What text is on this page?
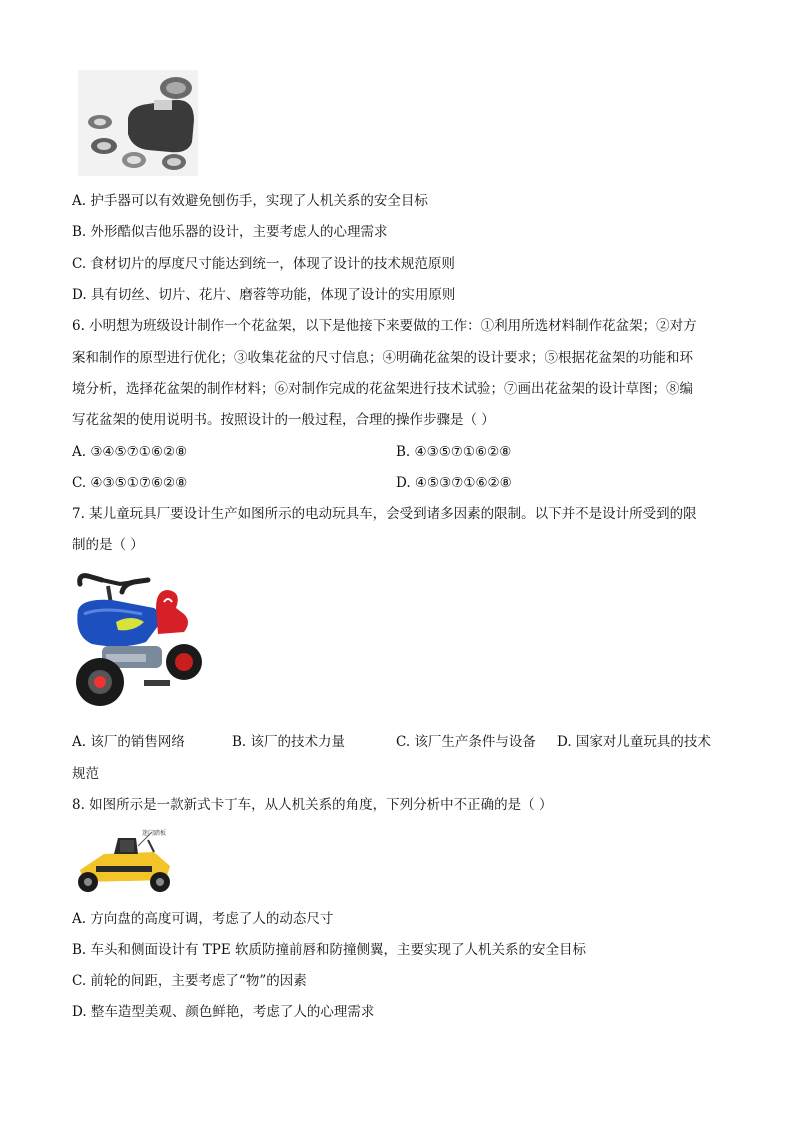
A. 护手器可以有效避免刨伤手，实现了人机关系的安全目标
B. 外形酷似吉他乐器的设计，主要考虑人的心理需求
C. 食材切片的厚度尺寸能达到统一，体现了设计的技术规范原则
D. 具有切丝、切片、花片、磨蓉等功能，体现了设计的实用原则
6. 小明想为班级设计制作一个花盆架，以下是他接下来要做的工作：①利用所选材料制作花盆架；②对方
案和制作的原型进行优化；③收集花盆的尺寸信息；④明确花盆架的设计要求；⑤根据花盆架的功能和环
境分析，选择花盆架的制作材料；⑥对制作完成的花盆架进行技术试验；⑦画出花盆架的设计草图；⑧编
写花盆架的使用说明书。按照设计的一般过程，合理的操作步骤是（ ）
A. ③④⑤⑦①⑥②⑧	B. ④③⑤⑦①⑥②⑧
C. ④③⑤①⑦⑥②⑧	D. ④⑤③⑦①⑥②⑧
7. 某儿童玩具厂要设计生产如图所示的电动玩具车，会受到诸多因素的限制。以下并不是设计所受到的限
制的是（ ）
A. 该厂的销售网络	B. 该厂的技术力量	C. 该厂生产条件与设备 D. 国家对儿童玩具的技术
规范
8. 如图所示是一款新式卡丁车，从人机关系的角度，下列分析中不正确的是（ ）
迷门踏板
A. 方向盘的高度可调，考虑了人的动态尺寸
B. 车头和侧面设计有 TPE 软质防撞前唇和防撞侧翼，主要实现了人机关系的安全目标
C. 前轮的间距，主要考虑了“物”的因素
D. 整车造型美观、颜色鲜艳，考虑了人的心理需求
